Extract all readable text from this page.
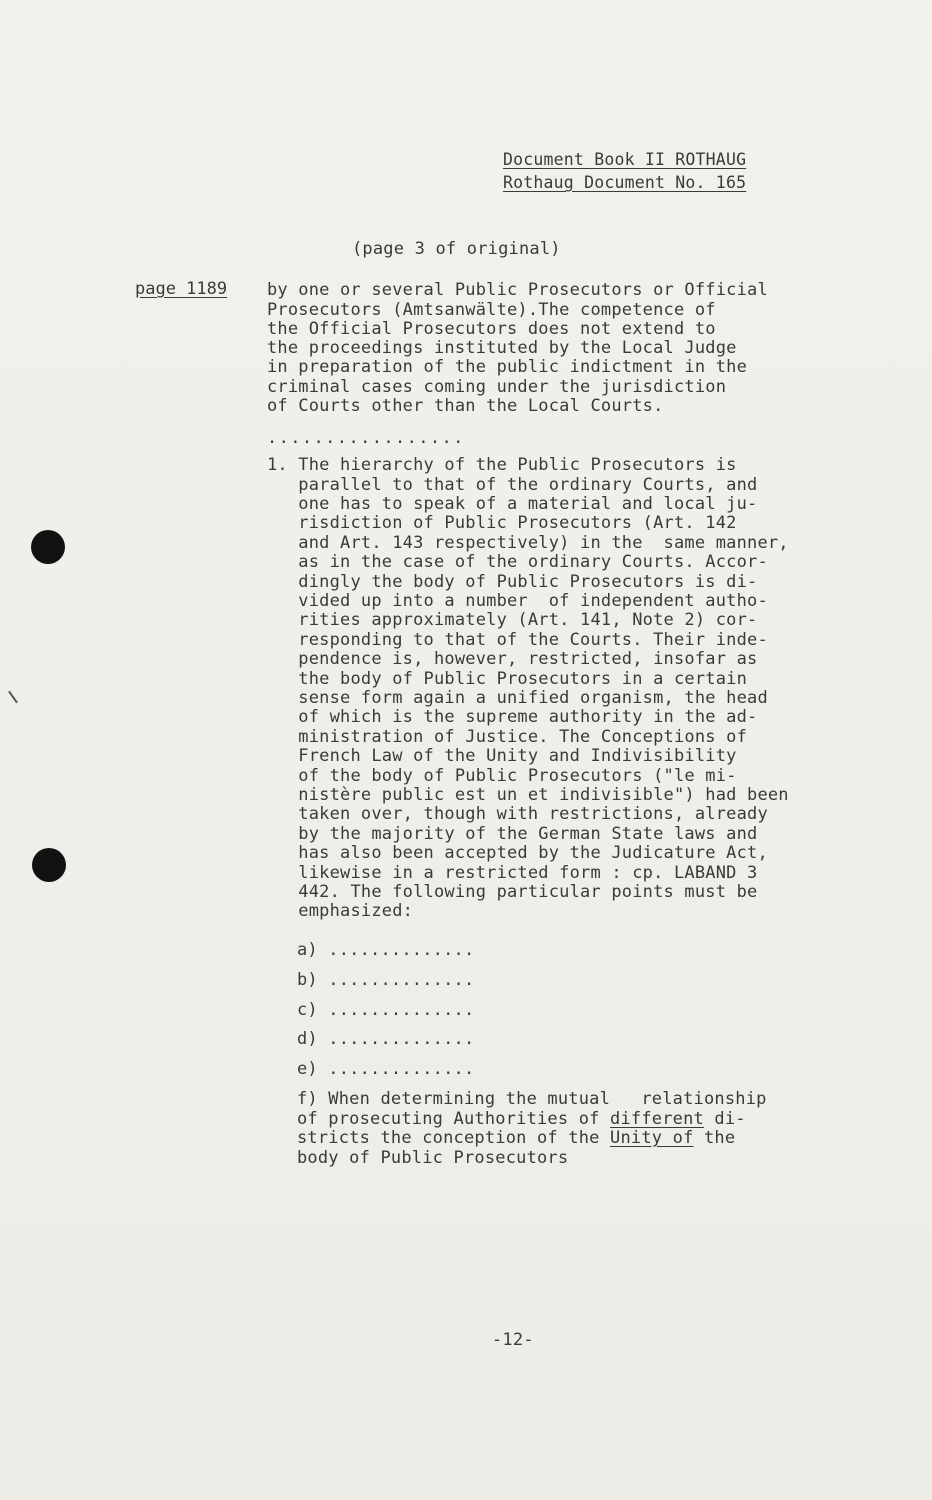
Document Book II ROTHAUG
Rothaug Document No. 165
(page 3 of original)
page 1189 by one or several Public Prosecutors or Official
Prosecutors (Amtsanwälte).The competence of
the Official Prosecutors does not extend to
the proceedings instituted by the Local Judge
in preparation of the public indictment in the
criminal cases coming under the jurisdiction
of Courts other than the Local Courts.
.................
1. The hierarchy of the Public Prosecutors is
parallel to that of the ordinary Courts, and
one has to speak of a material and local ju-
risdiction of Public Prosecutors (Art. 142
and Art. 143 respectively) in the  same manner,
as in the case of the ordinary Courts. Accor-
dingly the body of Public Prosecutors is di-
vided up into a number  of independent autho-
rities approximately (Art. 141, Note 2) cor-
responding to that of the Courts. Their inde-
pendence is, however, restricted, insofar as
the body of Public Prosecutors in a certain
sense form again a unified organism, the head
of which is the supreme authority in the ad-
ministration of Justice. The Conceptions of
French Law of the Unity and Indivisibility
of the body of Public Prosecutors ("le mi-
nistère public est un et indivisible") had been
taken over, though with restrictions, already
by the majority of the German State laws and
has also been accepted by the Judicature Act,
likewise in a restricted form : cp. LABAND 3
442. The following particular points must be
emphasized:
a) ..............
b) ..............
c) ..............
d) ..............
e) ..............
f) When determining the mutual   relationship
of prosecuting Authorities of different di-
stricts the conception of the Unity of the
body of Public Prosecutors
-12-
